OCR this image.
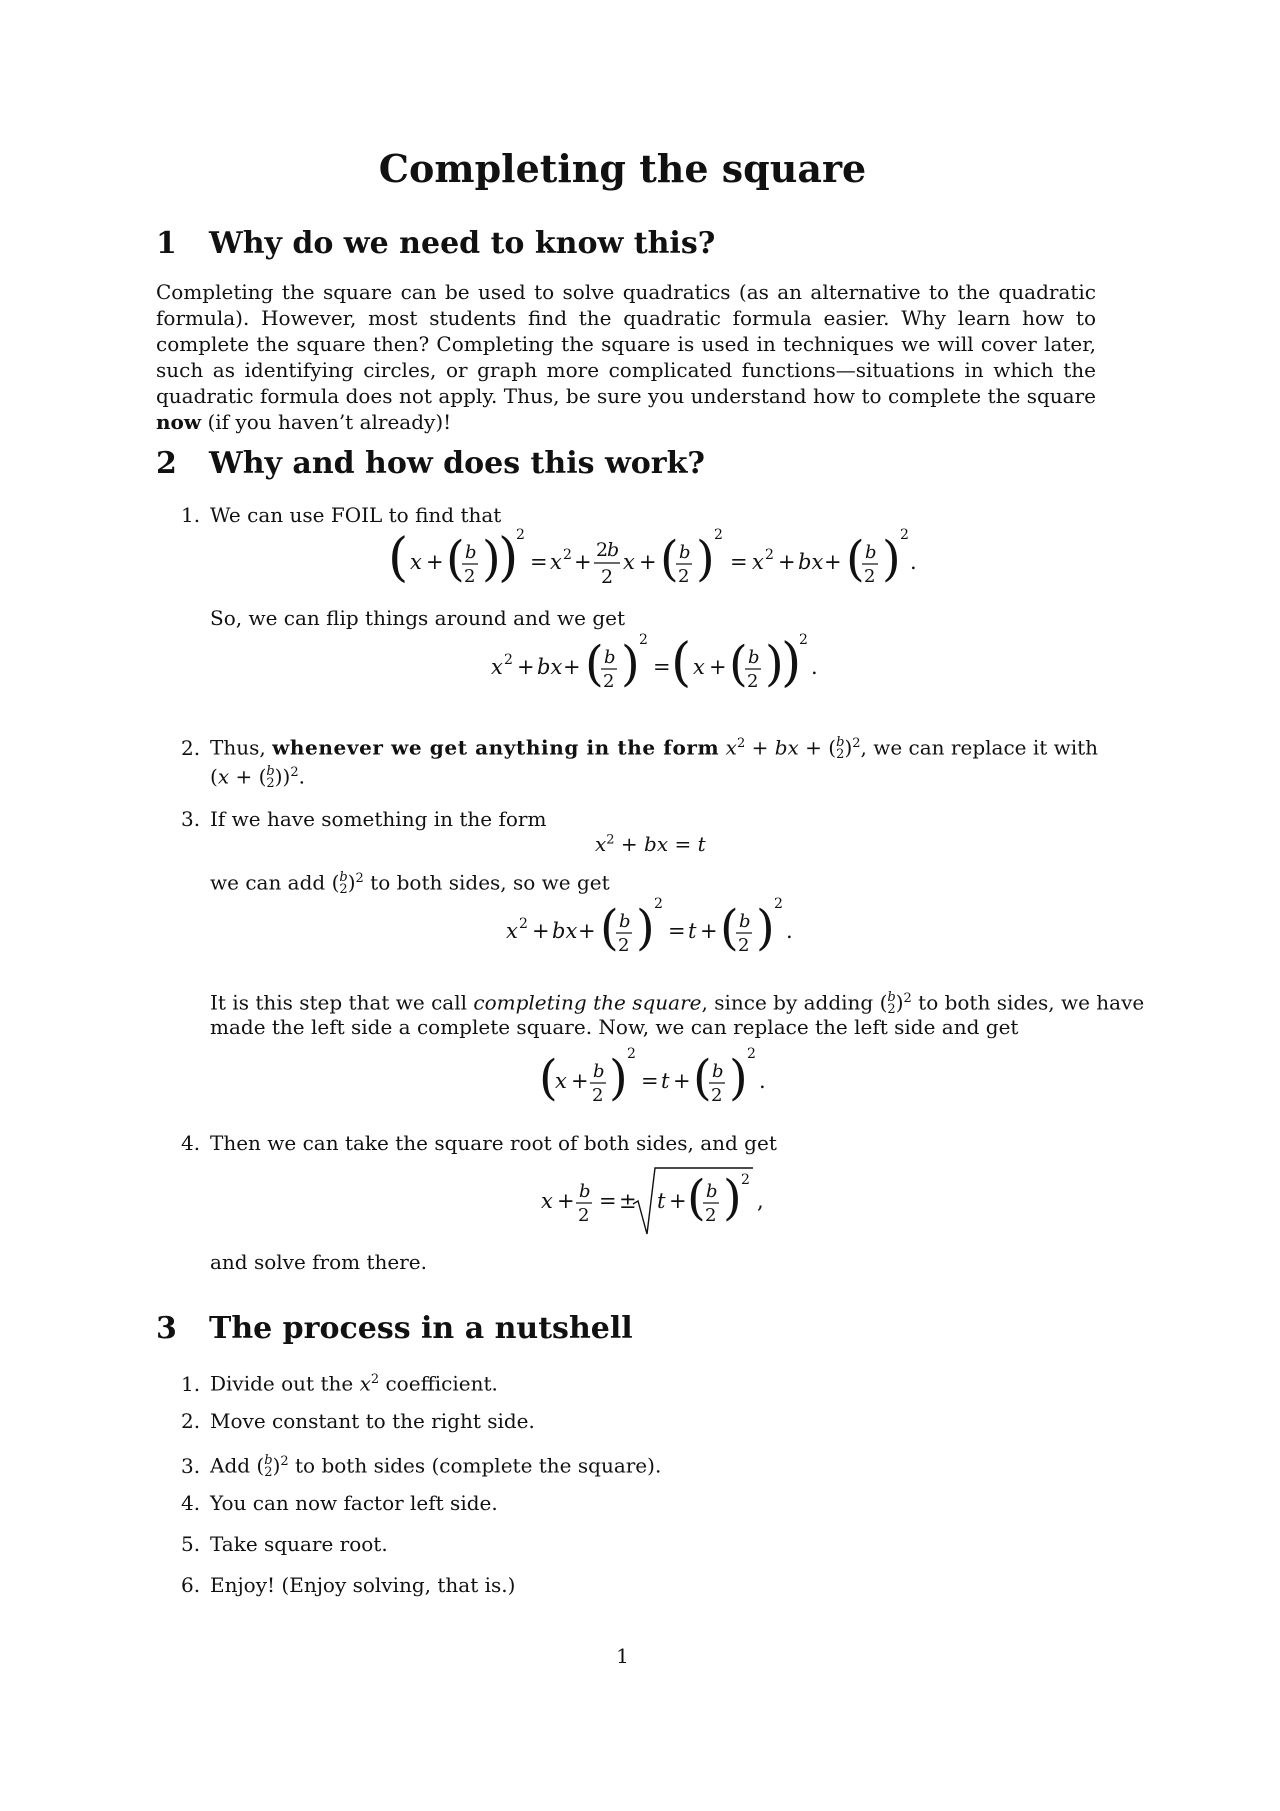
Completing the square
1 Why do we need to know this?
Completing the square can be used to solve quadratics (as an alternative to the quadratic formula). However, most students find the quadratic formula easier. Why learn how to complete the square then? Completing the square is used in techniques we will cover later, such as identifying circles, or graph more complicated functions—situations in which the quadratic formula does not apply. Thus, be sure you understand how to complete the square now (if you haven’t already)!
2 Why and how does this work?
1. We can use FOIL to find that
( x + ( b
2 )
)
2
= x 2 + 2
b
2
x + ( b
2 ) 2
= x 2 + bx + ( b
2 ) 2
.
So, we can flip things around and we get
x 2 + bx + ( b
2 ) 2
= ( x + ( b
2 )
)
2
.
2. Thus, whenever we get anything in the form $x^2$ + bx + (b
2)$^2$, we can replace it with
(x + (b
2))$^2$.
3. If we have something in the form
$x^2$ + bx = t
we can add (b
2)$^2$ to both sides, so we get
x 2 + bx + ( b
2 ) 2
= t + ( b
2 ) 2
.
It is this step that we call completing the square, since by adding (b
2)$^2$ to both sides, we have
made the left side a complete square. Now, we can replace the left side and get
(
x + b
2 ) 2
= t + ( b
2 ) 2
.
4. Then we can take the square root of both sides, and get
x + b
2
= ± t + ( b
2 ) 2
,
and solve from there.
3 The process in a nutshell
1. Divide out the $x^2$ coefficient.
2. Move constant to the right side.
3. Add (b
2)$^2$ to both sides (complete the square).
4. You can now factor left side.
5. Take square root.
6. Enjoy! (Enjoy solving, that is.)
1
